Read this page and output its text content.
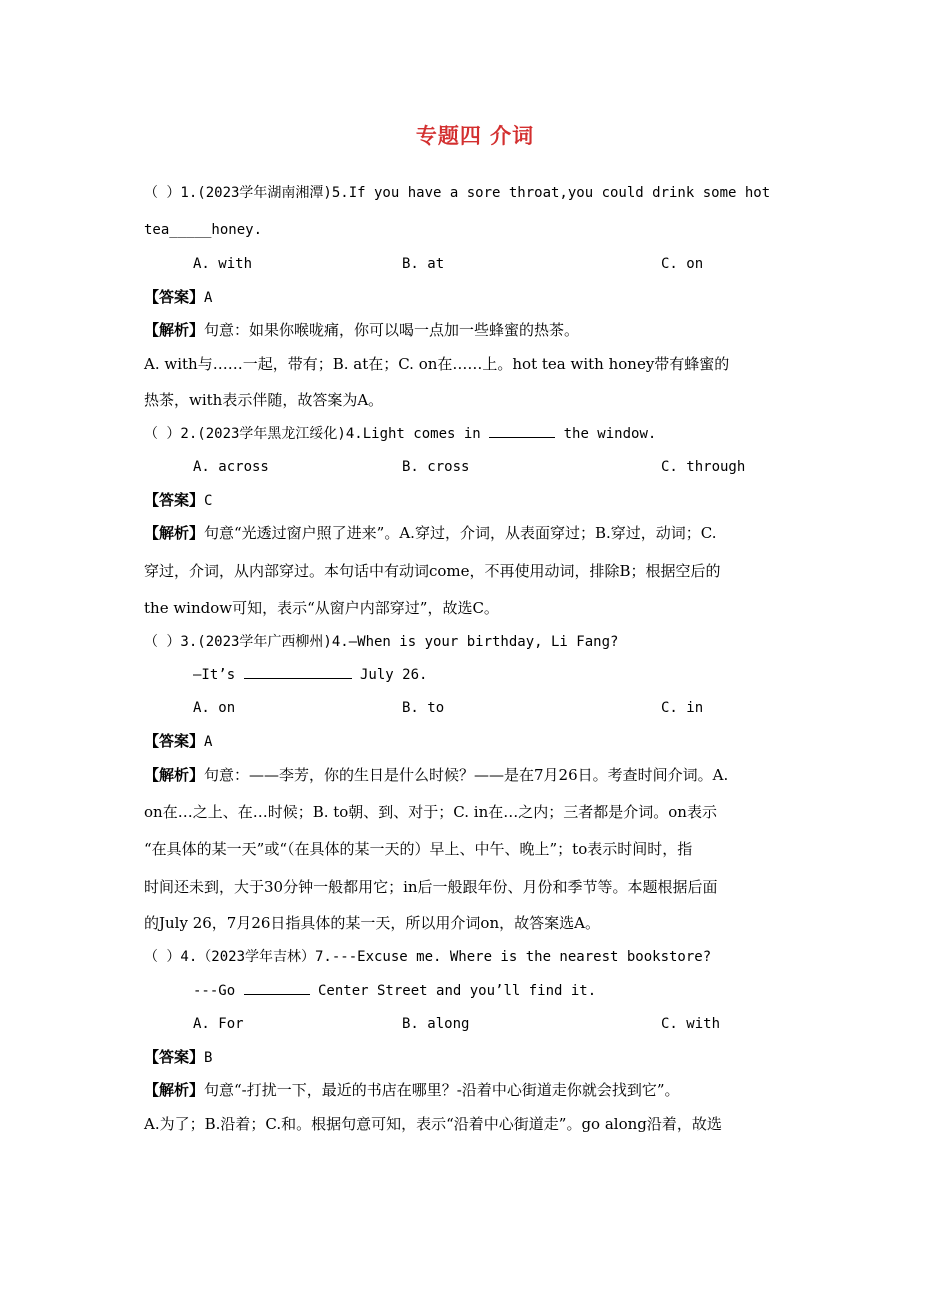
专题四 介词
（ ）1.(2023学年湖南湘潭)5.If you have a sore throat,you could drink some hot
tea_____honey.
A. with	B. at	C. on
【答案】A
【解析】句意：如果你喉咙痛，你可以喝一点加一些蜂蜜的热茶。
A. with与……一起，带有；B. at在；C. on在……上。hot tea with honey带有蜂蜜的
热茶，with表示伴随，故答案为A。
（ ）2.(2023学年黑龙江绥化)4.Light comes in	the window.
A. across	B. cross	C. through
【答案】C
【解析】句意“光透过窗户照了进来”。A.穿过，介词，从表面穿过；B.穿过，动词；C.
穿过，介词，从内部穿过。本句话中有动词come，不再使用动词，排除B；根据空后的
the window可知，表示“从窗户内部穿过”，故选C。
（ ）3.(2023学年广西柳州)4.—When is your birthday, Li Fang?
—It’s	July 26.
A. on	B. to	C. in
【答案】A
【解析】句意：——李芳，你的生日是什么时候？——是在7月26日。考查时间介词。A.
on在…之上、在…时候；B. to朝、到、对于；C. in在…之内；三者都是介词。on表示
“在具体的某一天”或“（在具体的某一天的）早上、中午、晚上”；to表示时间时，指
时间还未到，大于30分钟一般都用它；in后一般跟年份、月份和季节等。本题根据后面
的July 26，7月26日指具体的某一天，所以用介词on，故答案选A。
（ ）4.（2023学年吉林）7.---Excuse me. Where is the nearest bookstore?
---Go	Center Street and you’ll find it.
A. For	B. along	C. with
【答案】B
【解析】句意“-打扰一下，最近的书店在哪里？-沿着中心街道走你就会找到它”。
A.为了；B.沿着；C.和。根据句意可知，表示“沿着中心街道走”。go along沿着，故选
